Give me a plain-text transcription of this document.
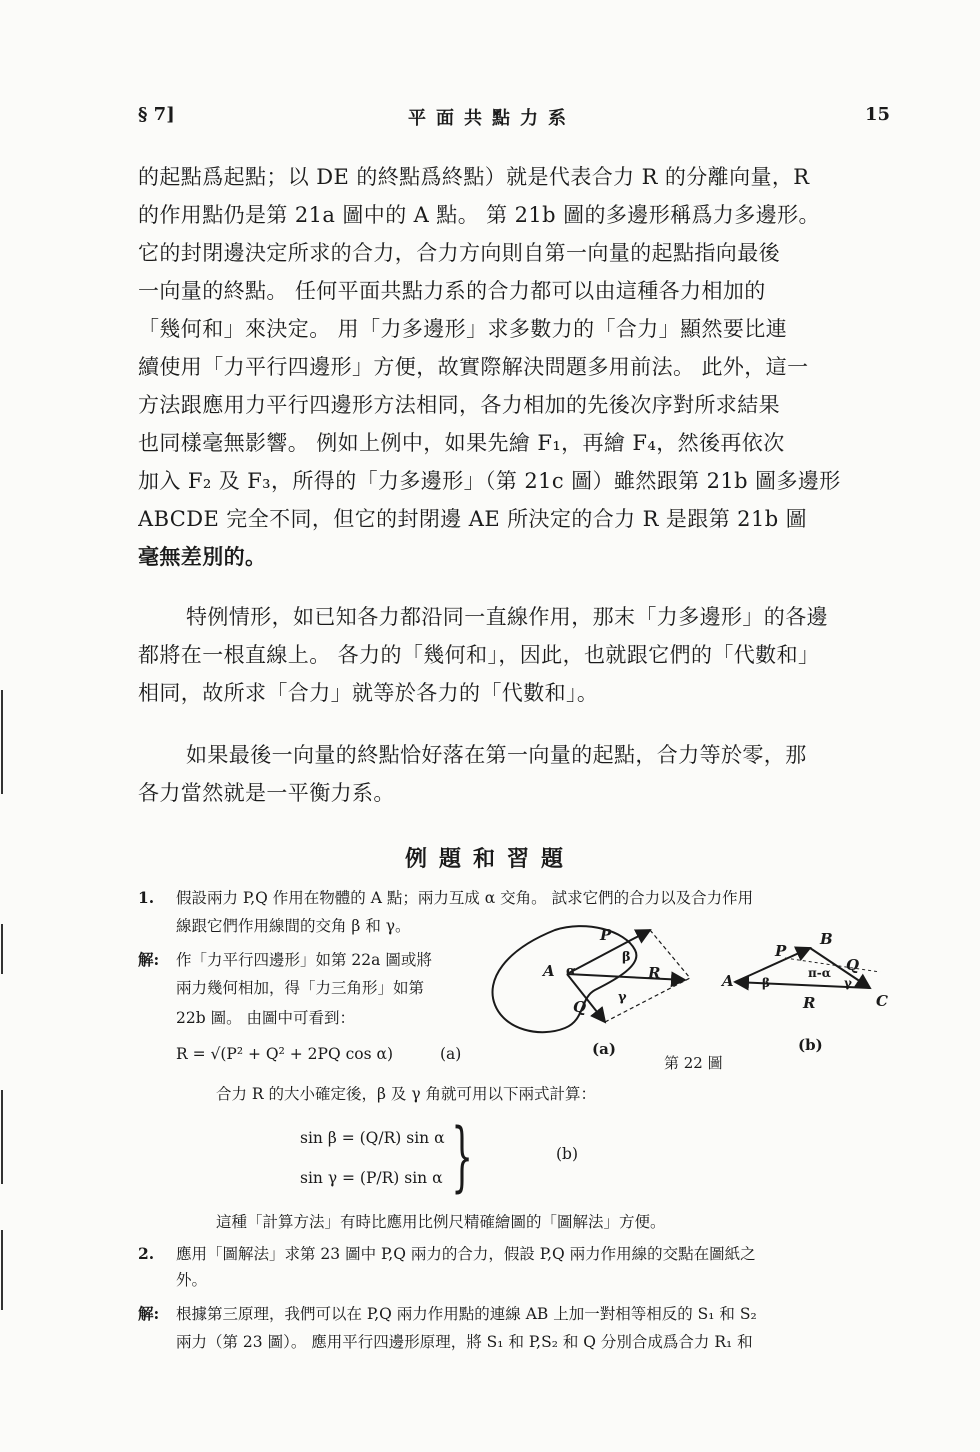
§ 7]	平面共點力系	15
的起點爲起點；以 DE 的終點爲終點）就是代表合力 R 的分離向量，R
的作用點仍是第 21a 圖中的 A 點。 第 21b 圖的多邊形稱爲力多邊形。
它的封閉邊決定所求的合力，合力方向則自第一向量的起點指向最後
一向量的終點。 任何平面共點力系的合力都可以由這種各力相加的
「幾何和」來決定。 用「力多邊形」求多數力的「合力」顯然要比連
續使用「力平行四邊形」方便，故實際解決問題多用前法。 此外，這一
方法跟應用力平行四邊形方法相同，各力相加的先後次序對所求結果
也同樣毫無影響。 例如上例中，如果先繪 F₁，再繪 F₄，然後再依次
加入 F₂ 及 F₃，所得的「力多邊形」（第 21c 圖）雖然跟第 21b 圖多邊形
ABCDE 完全不同，但它的封閉邊 AE 所決定的合力 R 是跟第 21b 圖
毫無差別的。
特例情形，如已知各力都沿同一直線作用，那末「力多邊形」的各邊
都將在一根直線上。 各力的「幾何和」，因此，也就跟它們的「代數和」
相同，故所求「合力」就等於各力的「代數和」。
如果最後一向量的終點恰好落在第一向量的起點，合力等於零，那
各力當然就是一平衡力系。
例題和習題
1. 假設兩力 P,Q 作用在物體的 A 點；兩力互成 α 交角。 試求它們的合力以及合力作用
線跟它們作用線間的交角 β 和 γ。
解: 作「力平行四邊形」如第 22a 圖或將
兩力幾何相加，得「力三角形」如第
22b 圖。 由圖中可看到：
R = √(P² + Q² + 2PQ cos α)	(a)
P
A
Q
R
α
β
γ
A
B
C
P
Q
R
β
π-α
γ
(a)
第 22 圖
(b)
合力 R 的大小確定後，β 及 γ 角就可用以下兩式計算：
sin β = (Q/R) sin α
sin γ = (P/R) sin α }	(b)
這種「計算方法」有時比應用比例尺精確繪圖的「圖解法」方便。
2. 應用「圖解法」求第 23 圖中 P,Q 兩力的合力，假設 P,Q 兩力作用線的交點在圖紙之
外。
解: 根據第三原理，我們可以在 P,Q 兩力作用點的連線 AB 上加一對相等相反的 S₁ 和 S₂
兩力（第 23 圖）。 應用平行四邊形原理，將 S₁ 和 P,S₂ 和 Q 分別合成爲合力 R₁ 和
